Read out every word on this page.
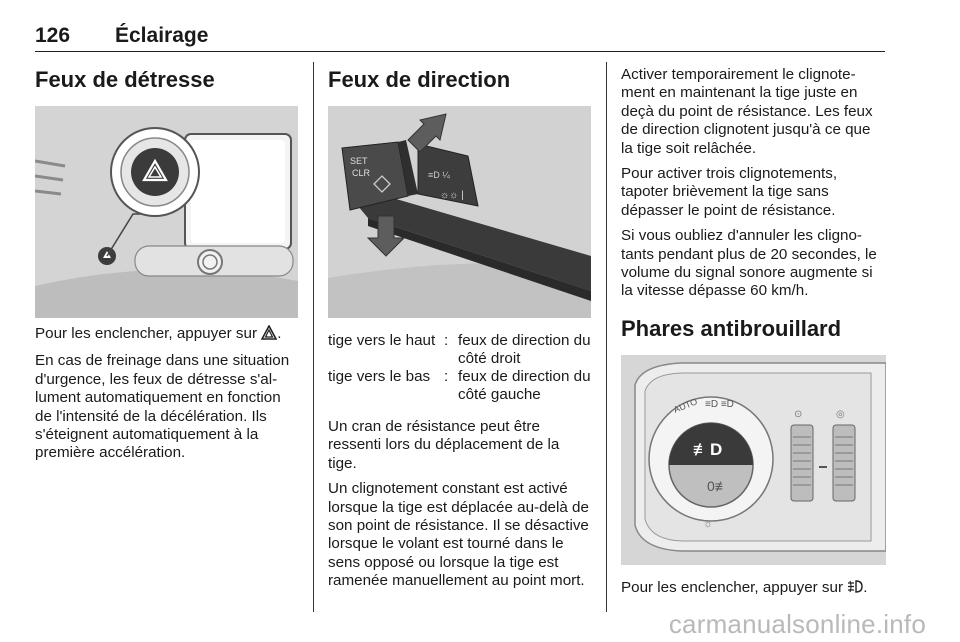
126 Éclairage
Feux de détresse

Pour les enclencher, appuyer sur .

En cas de freinage dans une situation d'urgence, les feux de détresse s'al-lument automatiquement en fonction de l'intensité de la décélération. Ils s'éteignent automatiquement à la première accélération.

Feux de direction
SET
CLR	≡D ¼
☼☼ |
tige vers le haut : feux de direction du côté droit
tige vers le bas : feux de direction du côté gauche

Un cran de résistance peut être ressenti lors du déplacement de la tige.

Un clignotement constant est activé lorsque la tige est déplacée au-delà de son point de résistance. Il se désactive lorsque le volant est tourné dans le sens opposé ou lorsque la tige est ramenée manuellement au point mort.

Activer temporairement le clignote-ment en maintenant la tige juste en deçà du point de résistance. Les feux de direction clignotent jusqu'à ce que la tige soit relâchée.

Pour activer trois clignotements, tapoter brièvement la tige sans dépasser le point de résistance.

Si vous oubliez d'annuler les cligno-tants pendant plus de 20 secondes, le volume du signal sonore augmente si la vitesse dépasse 60 km/h.

Phares antibrouillard
AUTO ≡D ≡D
≢D
0≢
☼
⊙	◎

Pour les enclencher, appuyer sur .

carmanualsonline.info
